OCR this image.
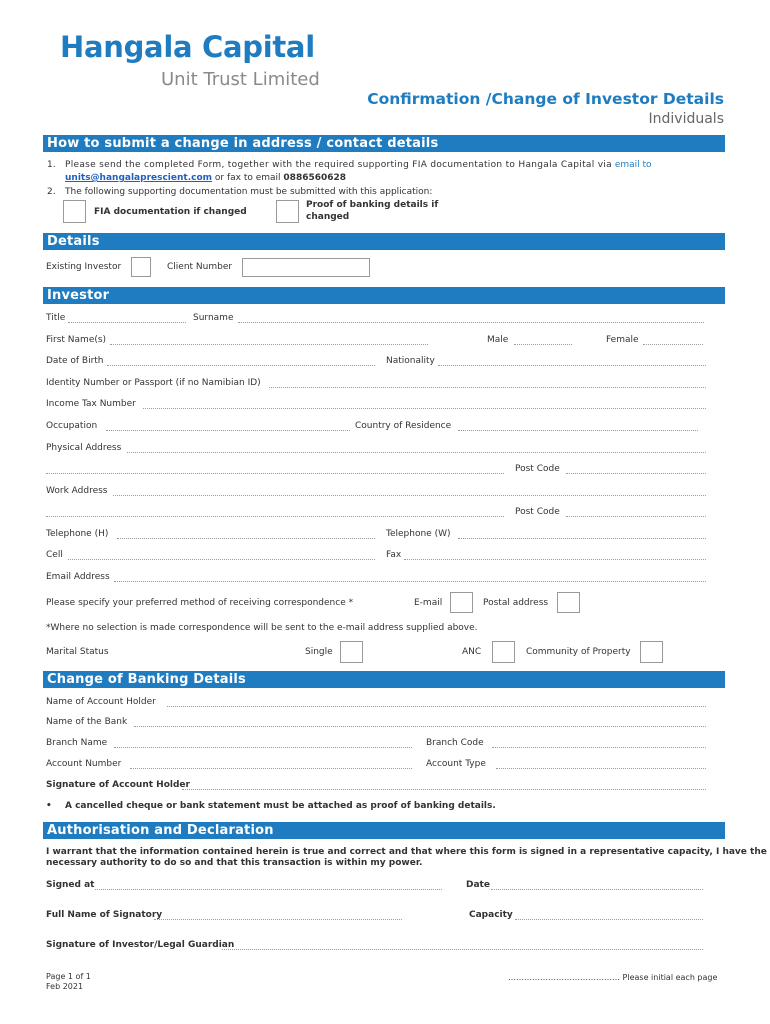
Hangala Capital
Unit Trust Limited
Confirmation /Change of Investor Details
Individuals
How to submit a change in address / contact details
1. Please send the completed Form, together with the required supporting FIA documentation to Hangala Capital via email to
units@hangalaprescient.com or fax to email 0886560628
2. The following supporting documentation must be submitted with this application:
FIA documentation if changed
Proof of banking details if
changed
Details
Existing Investor	Client Number
Investor
Title	Surname
First Name(s)	Male	Female
Date of Birth	Nationality
Identity Number or Passport (if no Namibian ID)
Income Tax Number
Occupation	Country of Residence
Physical Address
Post Code
Work Address
Post Code
Telephone (H)	Telephone (W)
Cell	Fax
Email Address
Please specify your preferred method of receiving correspondence *	E-mail	Postal address
*Where no selection is made correspondence will be sent to the e-mail address supplied above.
Marital Status	Single	ANC	Community of Property
Change of Banking Details
Name of Account Holder
Name of the Bank
Branch Name	Branch Code
Account Number	Account Type
Signature of Account Holder
• A cancelled cheque or bank statement must be attached as proof of banking details.
Authorisation and Declaration
I warrant that the information contained herein is true and correct and that where this form is signed in a representative capacity, I have the
necessary authority to do so and that this transaction is within my power.
Signed at	Date
Full Name of Signatory	Capacity
Signature of Investor/Legal Guardian
Page 1 of 1
Feb 2021
…………………………………… Please initial each page
